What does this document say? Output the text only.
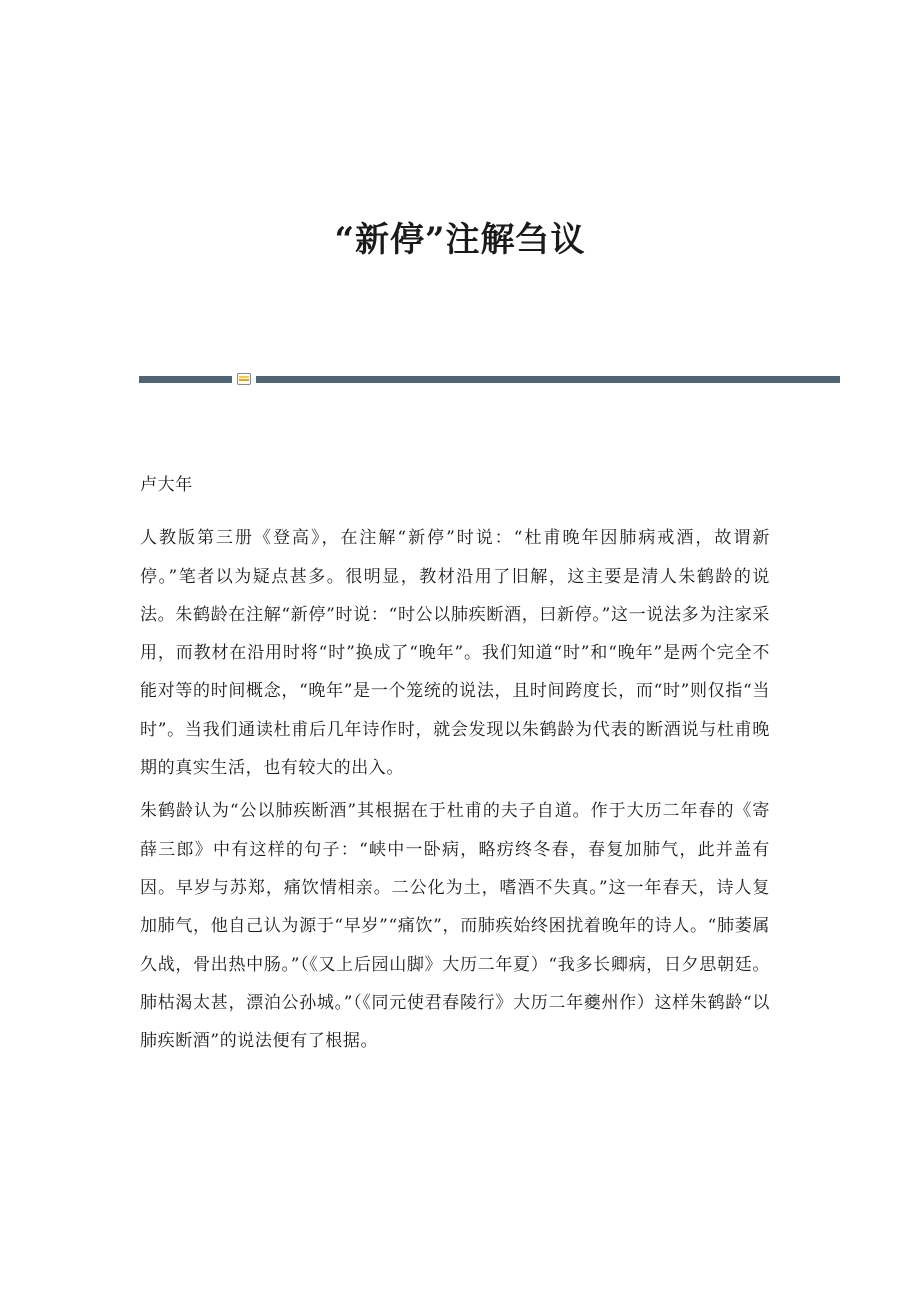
“新停”注解刍议

卢大年

人教版第三册《登高》，在注解“新停”时说：“杜甫晚年因肺病戒酒，故谓新停。”笔者以为疑点甚多。很明显，教材沿用了旧解，这主要是清人朱鹤龄的说法。朱鹤龄在注解“新停”时说：“时公以肺疾断酒，曰新停。”这一说法多为注家采用，而教材在沿用时将“时”换成了“晚年”。我们知道“时”和“晚年”是两个完全不能对等的时间概念，“晚年”是一个笼统的说法，且时间跨度长，而“时”则仅指“当时”。当我们通读杜甫后几年诗作时，就会发现以朱鹤龄为代表的断酒说与杜甫晚期的真实生活，也有较大的出入。

朱鹤龄认为“公以肺疾断酒”其根据在于杜甫的夫子自道。作于大历二年春的《寄薛三郎》中有这样的句子：“峡中一卧病，略疠终冬春，春复加肺气，此并盖有因。早岁与苏郑，痛饮情相亲。二公化为土，嗜酒不失真。”这一年春天，诗人复加肺气，他自己认为源于“早岁”“痛饮”，而肺疾始终困扰着晚年的诗人。“肺萎属久战，骨出热中肠。”（《又上后园山脚》大历二年夏）“我多长卿病，日夕思朝廷。肺枯渴太甚，漂泊公孙城。”（《同元使君春陵行》大历二年夔州作）这样朱鹤龄“以肺疾断酒”的说法便有了根据。
